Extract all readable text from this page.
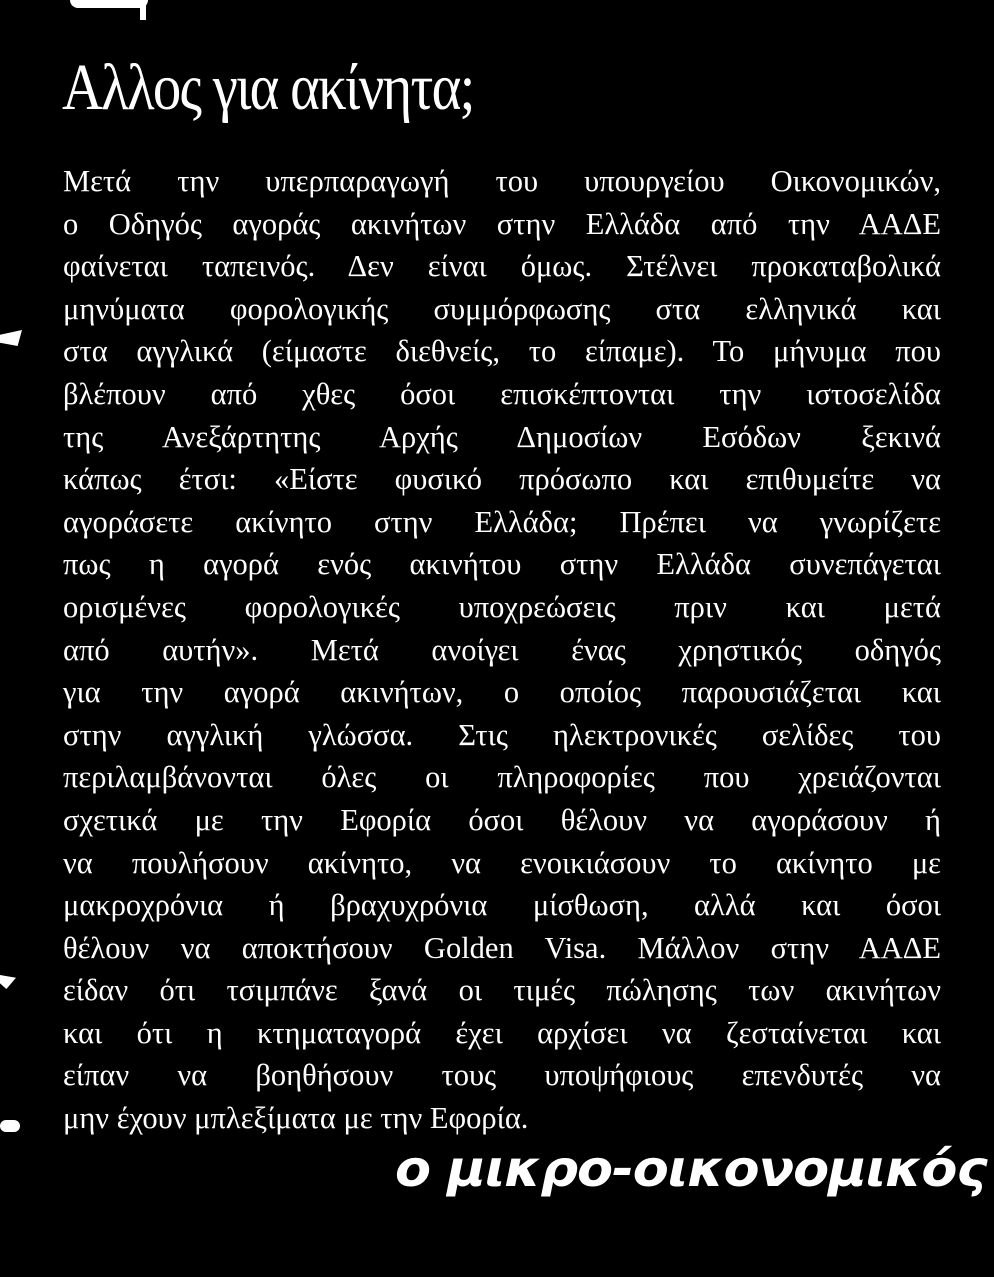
Αλλος για ακίνητα;
Μετά την υπερπαραγωγή του υπουργείου Οικονομικών,
ο Οδηγός αγοράς ακινήτων στην Ελλάδα από την ΑΑΔΕ
φαίνεται ταπεινός. Δεν είναι όμως. Στέλνει προκαταβολικά
μηνύματα φορολογικής συμμόρφωσης στα ελληνικά και
στα αγγλικά (είμαστε διεθνείς, το είπαμε). Το μήνυμα που
βλέπουν από χθες όσοι επισκέπτονται την ιστοσελίδα
της Ανεξάρτητης Αρχής Δημοσίων Εσόδων ξεκινά
κάπως έτσι: «Είστε φυσικό πρόσωπο και επιθυμείτε να
αγοράσετε ακίνητο στην Ελλάδα; Πρέπει να γνωρίζετε
πως η αγορά ενός ακινήτου στην Ελλάδα συνεπάγεται
ορισμένες φορολογικές υποχρεώσεις πριν και μετά
από αυτήν». Μετά ανοίγει ένας χρηστικός οδηγός
για την αγορά ακινήτων, ο οποίος παρουσιάζεται και
στην αγγλική γλώσσα. Στις ηλεκτρονικές σελίδες του
περιλαμβάνονται όλες οι πληροφορίες που χρειάζονται
σχετικά με την Εφορία όσοι θέλουν να αγοράσουν ή
να πουλήσουν ακίνητο, να ενοικιάσουν το ακίνητο με
μακροχρόνια ή βραχυχρόνια μίσθωση, αλλά και όσοι
θέλουν να αποκτήσουν Golden Visa. Μάλλον στην ΑΑΔΕ
είδαν ότι τσιμπάνε ξανά οι τιμές πώλησης των ακινήτων
και ότι η κτηματαγορά έχει αρχίσει να ζεσταίνεται και
είπαν να βοηθήσουν τους υποψήφιους επενδυτές να
μην έχουν μπλεξίματα με την Εφορία.
ο μικρο-οικονομικός
